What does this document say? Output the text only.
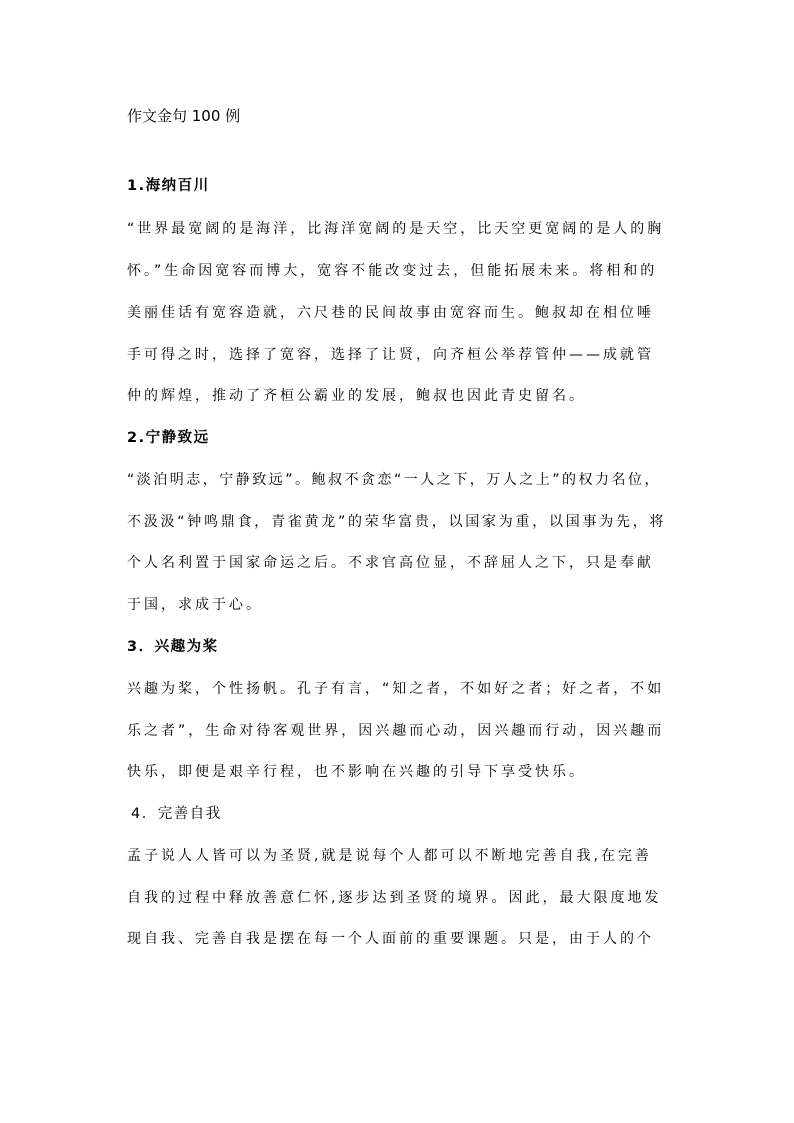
作文金句 100 例
1.海纳百川
“世界最宽阔的是海洋，比海洋宽阔的是天空，比天空更宽阔的是人的胸
怀。”生命因宽容而博大，宽容不能改变过去，但能拓展未来。将相和的
美丽佳话有宽容造就，六尺巷的民间故事由宽容而生。鲍叔却在相位唾
手可得之时，选择了宽容，选择了让贤，向齐桓公举荐管仲——成就管
仲的辉煌，推动了齐桓公霸业的发展，鲍叔也因此青史留名。
2.宁静致远
“淡泊明志，宁静致远”。鲍叔不贪恋“一人之下，万人之上”的权力名位，
不汲汲“钟鸣鼎食，青雀黄龙”的荣华富贵，以国家为重，以国事为先，将
个人名利置于国家命运之后。不求官高位显，不辞屈人之下，只是奉献
于国，求成于心。
3．兴趣为桨
兴趣为桨，个性扬帆。孔子有言，“知之者，不如好之者；好之者，不如
乐之者”，生命对待客观世界，因兴趣而心动，因兴趣而行动，因兴趣而
快乐，即便是艰辛行程，也不影响在兴趣的引导下享受快乐。
4．完善自我
孟子说人人皆可以为圣贤,就是说每个人都可以不断地完善自我,在完善
自我的过程中释放善意仁怀,逐步达到圣贤的境界。因此，最大限度地发
现自我、完善自我是摆在每一个人面前的重要课题。只是，由于人的个
